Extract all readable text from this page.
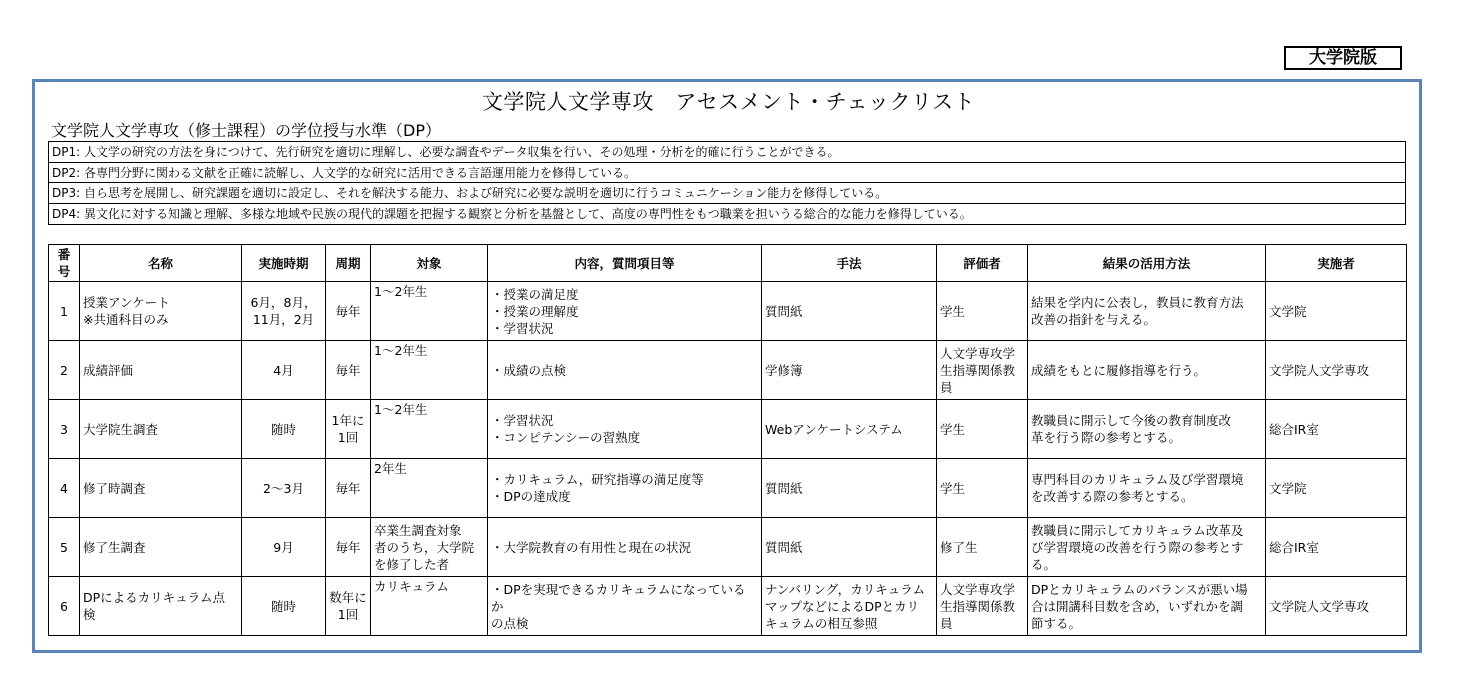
大学院版
文学院人文学専攻　アセスメント・チェックリスト
文学院人文学専攻（修士課程）の学位授与水準（DP）
DP1: 人文学の研究の方法を身につけて、先行研究を適切に理解し、必要な調査やデータ収集を行い、その処理・分析を的確に行うことができる。
DP2: 各専門分野に関わる文献を正確に読解し、人文学的な研究に活用できる言語運用能力を修得している。
DP3: 自ら思考を展開し、研究課題を適切に設定し、それを解決する能力、および研究に必要な説明を適切に行うコミュニケーション能力を修得している。
DP4: 異文化に対する知識と理解、多様な地域や民族の現代的課題を把握する観察と分析を基盤として、高度の専門性をもつ職業を担いうる総合的な能力を修得している。
番号	名称	実施時期	周期	対象	内容，質問項目等	手法	評価者	結果の活用方法	実施者
1	授業アンケート
※共通科目のみ	6月，8月，
11月，2月	毎年	1～2年生	・授業の満足度
・授業の理解度
・学習状況	質問紙	学生	結果を学内に公表し，教員に教育方法
改善の指針を与える。	文学院

2	成績評価	4月	毎年	1～2年生	・成績の点検	学修簿	人文学専攻学
生指導関係教
員	成績をもとに履修指導を行う。	文学院人文学専攻

3	大学院生調査	随時	1年に
1回	1～2年生	・学習状況
・コンピテンシーの習熟度	Webアンケートシステム	学生	教職員に開示して今後の教育制度改
革を行う際の参考とする。	総合IR室

4	修了時調査	2～3月	毎年	2年生	・カリキュラム，研究指導の満足度等
・DPの達成度	質問紙	学生	専門科目のカリキュラム及び学習環境
を改善する際の参考とする。	文学院

5	修了生調査	9月	毎年	卒業生調査対象
者のうち，大学院
を修了した者	・大学院教育の有用性と現在の状況	質問紙	修了生	教職員に開示してカリキュラム改革及
び学習環境の改善を行う際の参考とす
る。	総合IR室

6	DPによるカリキュラム点
検	随時	数年に
1回	カリキュラム	・DPを実現できるカリキュラムになっているか
の点検	ナンバリング，カリキュラム
マップなどによるDPとカリ
キュラムの相互参照	人文学専攻学
生指導関係教
員	DPとカリキュラムのバランスが悪い場
合は開講科目数を含め，いずれかを調
節する。	文学院人文学専攻
